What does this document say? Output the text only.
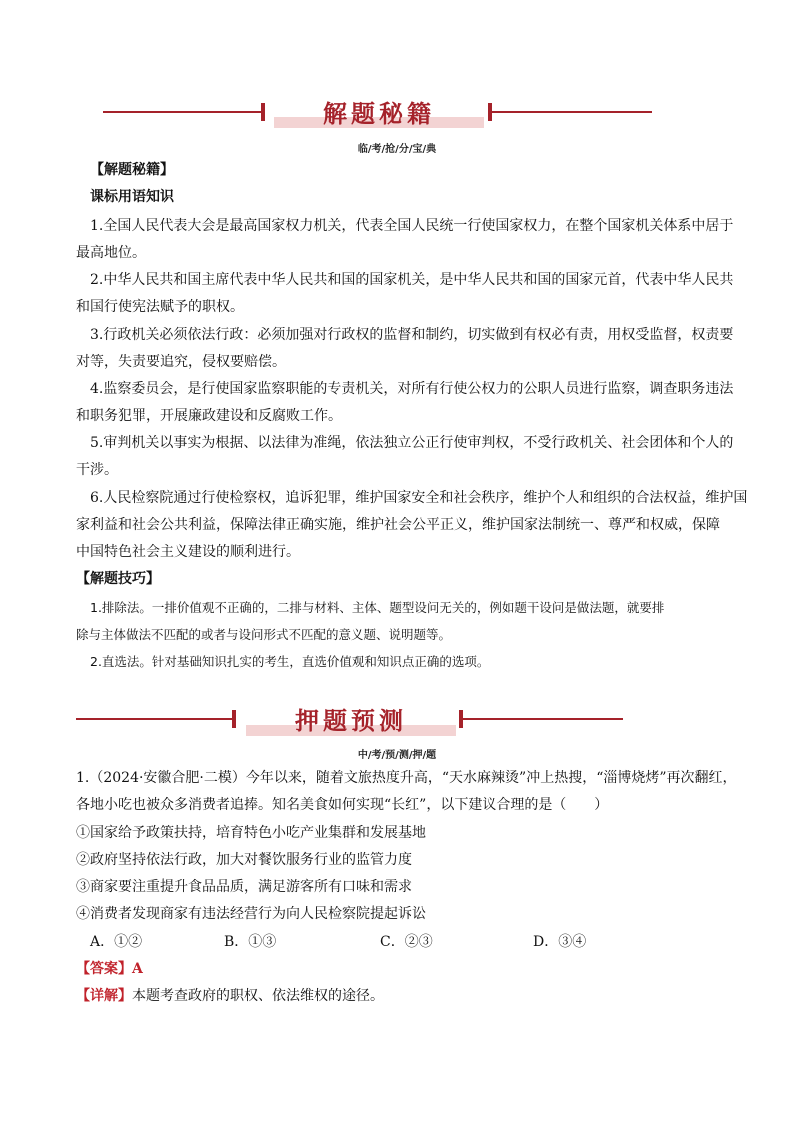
解题秘籍
临/考/抢/分/宝/典
【解题秘籍】
课标用语知识
1.全国人民代表大会是最高国家权力机关，代表全国人民统一行使国家权力，在整个国家机关体系中居于
最高地位。
2.中华人民共和国主席代表中华人民共和国的国家机关，是中华人民共和国的国家元首，代表中华人民共
和国行使宪法赋予的职权。
3.行政机关必须依法行政：必须加强对行政权的监督和制约，切实做到有权必有责，用权受监督，权责要
对等，失责要追究，侵权要赔偿。
4.监察委员会，是行使国家监察职能的专责机关，对所有行使公权力的公职人员进行监察，调查职务违法
和职务犯罪，开展廉政建设和反腐败工作。
5.审判机关以事实为根据、以法律为准绳，依法独立公正行使审判权，不受行政机关、社会团体和个人的
干涉。
6.人民检察院通过行使检察权，追诉犯罪，维护国家安全和社会秩序，维护个人和组织的合法权益，维护国
家利益和社会公共利益，保障法律正确实施，维护社会公平正义，维护国家法制统一、尊严和权威，保障
中国特色社会主义建设的顺利进行。
【解题技巧】
1.排除法。一排价值观不正确的，二排与材料、主体、题型设问无关的，例如题干设问是做法题，就要排
除与主体做法不匹配的或者与设问形式不匹配的意义题、说明题等。
2.直选法。针对基础知识扎实的考生，直选价值观和知识点正确的选项。
押题预测
中/考/预/测/押/题
1.（2024·安徽合肥·二模）今年以来，随着文旅热度升高，“天水麻辣烫”冲上热搜，“淄博烧烤”再次翻红，
各地小吃也被众多消费者追捧。知名美食如何实现“长红”，以下建议合理的是（　　）
①国家给予政策扶持，培育特色小吃产业集群和发展基地
②政府坚持依法行政，加大对餐饮服务行业的监管力度
③商家要注重提升食品品质，满足游客所有口味和需求
④消费者发现商家有违法经营行为向人民检察院提起诉讼
A．①②	B．①③	C．②③	D．③④
【答案】A
【详解】本题考查政府的职权、依法维权的途径。
